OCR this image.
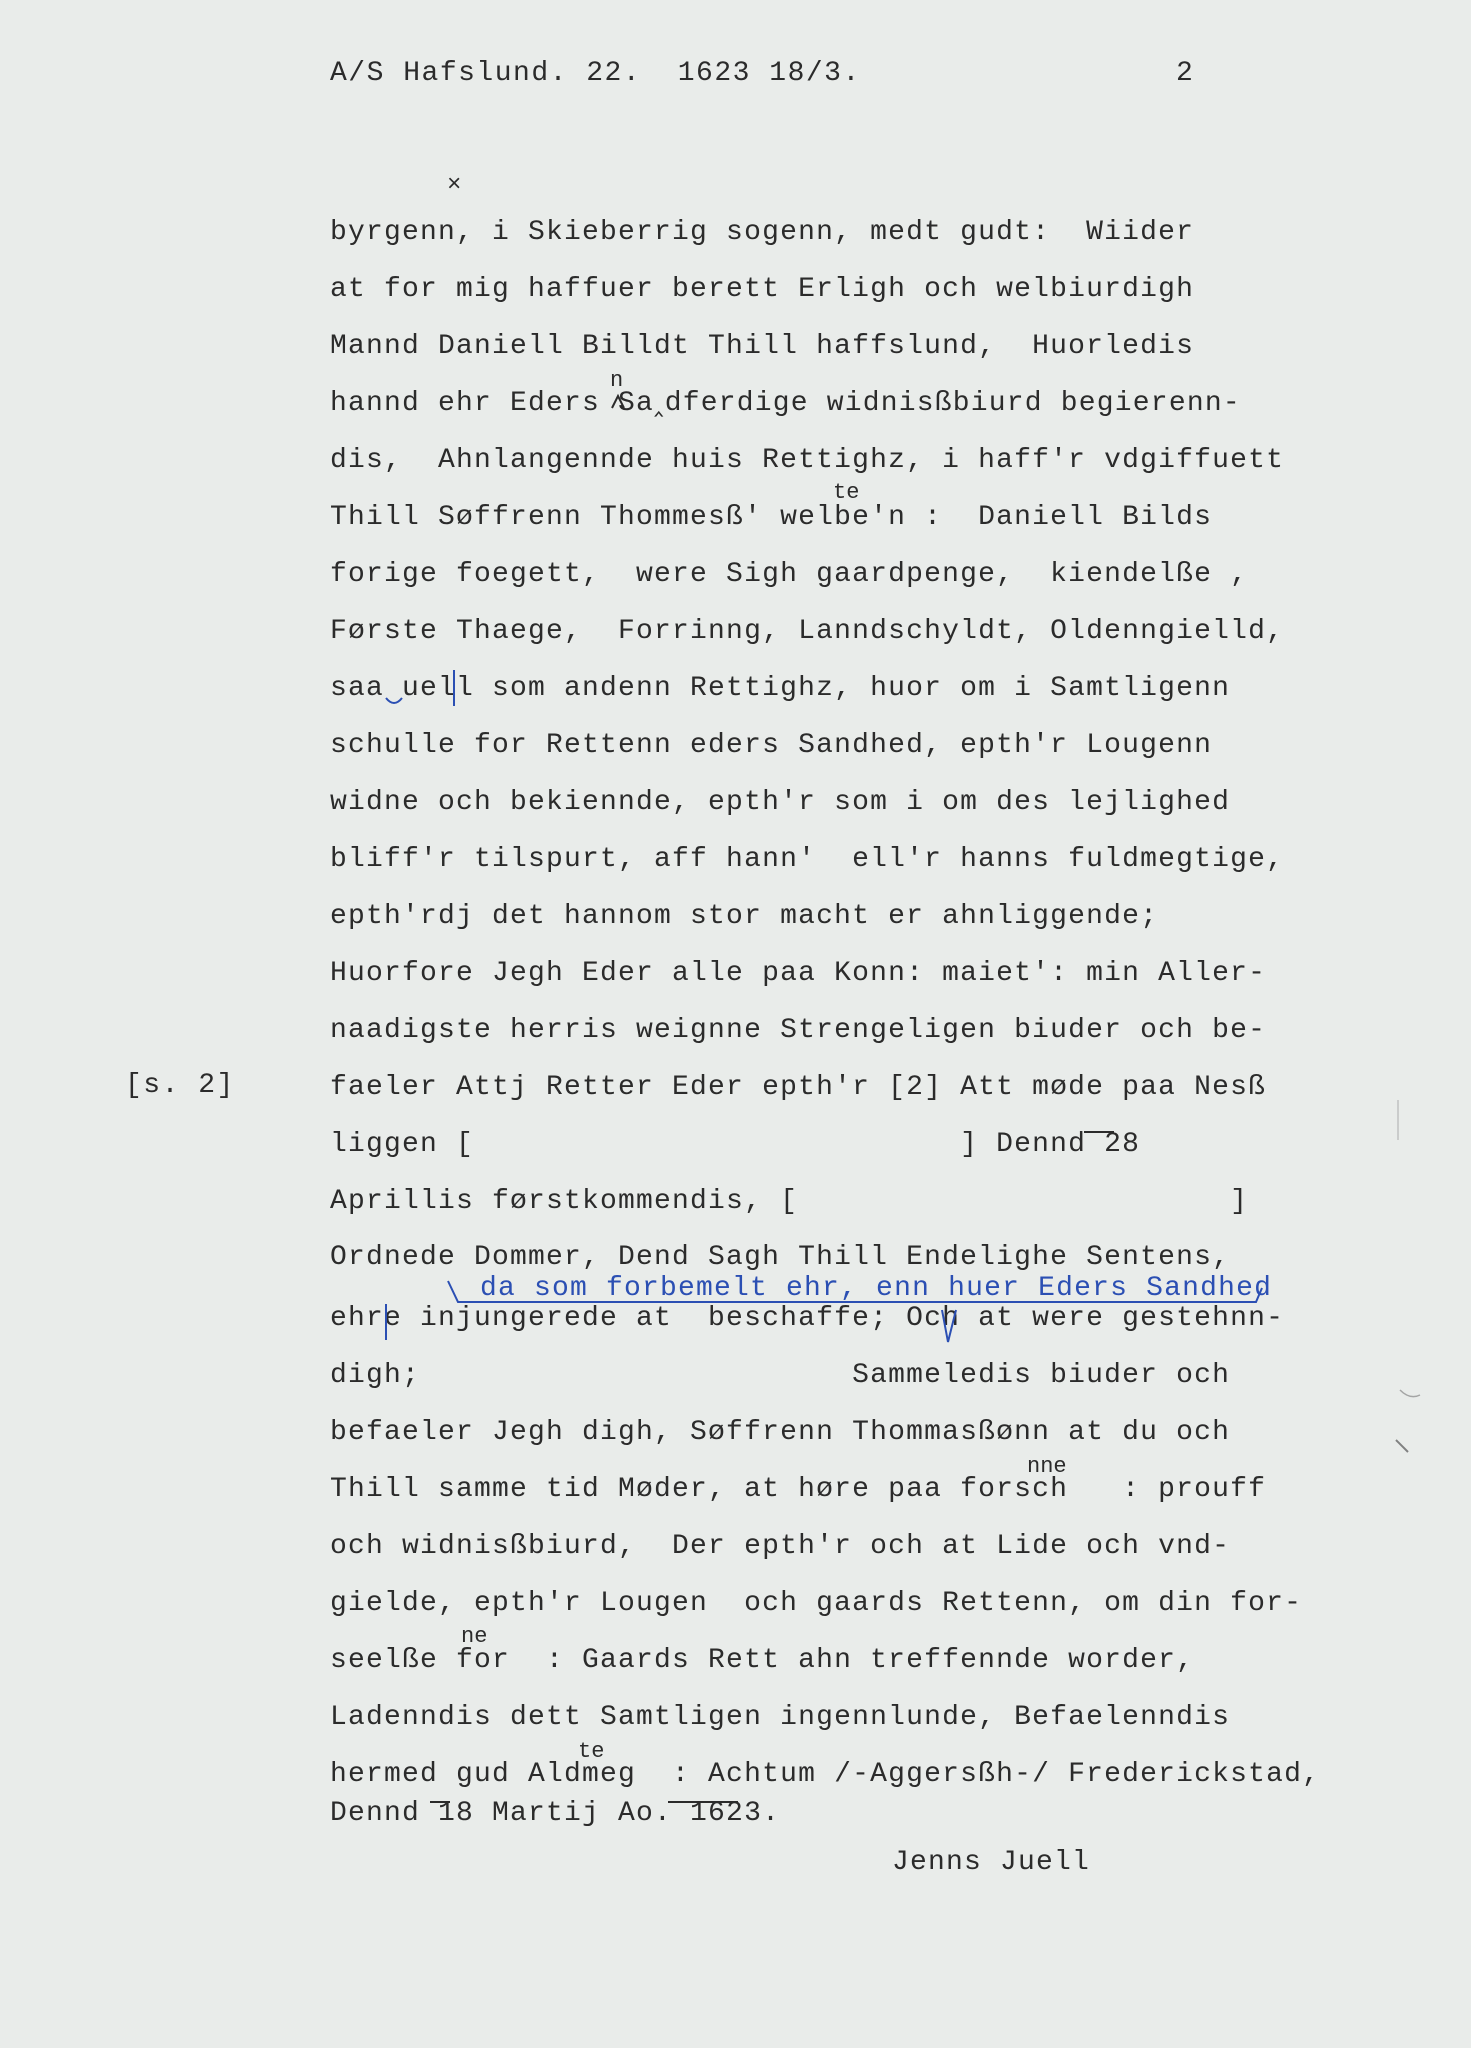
A/S Hafslund. 22.  1623 18/3.	2
×
byrgenn, i Skieberrig sogenn, medt gudt:  Wiider
at for mig haffuer berett Erligh och welbiurdigh
Mannd Daniell Billdt Thill haffslund,  Huorledis
n
hannd ehr Eders Sa‸dferdige widnisßbiurd begierenn-
dis,  Ahnlangennde huis Rettighz, i haff'r vdgiffuett
te
Thill Søffrenn Thommesß' welbe'n :  Daniell Bilds
forige foegett,  were Sigh gaardpenge,  kiendelße ,
Første Thaege,  Forrinng, Lanndschyldt, Oldenngielld,
saa uell som andenn Rettighz, huor om i Samtligenn
schulle for Rettenn eders Sandhed, epth'r Lougenn
widne och bekiennde, epth'r som i om des lejlighed
bliff'r tilspurt, aff hann'  ell'r hanns fuldmegtige,
epth'rdj det hannom stor macht er ahnliggende;
Huorfore Jegh Eder alle paa Konn: maiet': min Aller-
naadigste herris weignne Strengeligen biuder och be-
[s. 2]	faeler Attj Retter Eder epth'r [2] Att møde paa Nesß
liggen [                           ] Dennd 28
Aprillis førstkommendis, [                        ]
Ordnede Dommer, Dend Sagh Thill Endelighe Sentens,
da som forbemelt ehr, enn huer Eders Sandhed
ehre injungerede at  beschaffe; Och at were gestehnn-
digh;                        Sammeledis biuder och
befaeler Jegh digh, Søffrenn Thommasßønn at du och
nne
Thill samme tid Møder, at høre paa forsch   : prouff
och widnisßbiurd,  Der epth'r och at Lide och vnd-
gielde, epth'r Lougen  och gaards Rettenn, om din for-
ne
seelße for  : Gaards Rett ahn treffennde worder,
Ladenndis dett Samtligen ingennlunde, Befaelenndis
te
hermed gud Aldmeg  : Achtum /-Aggersßh-/ Frederickstad,
Dennd 18 Martij Ao. 1623.
Jenns Juell
